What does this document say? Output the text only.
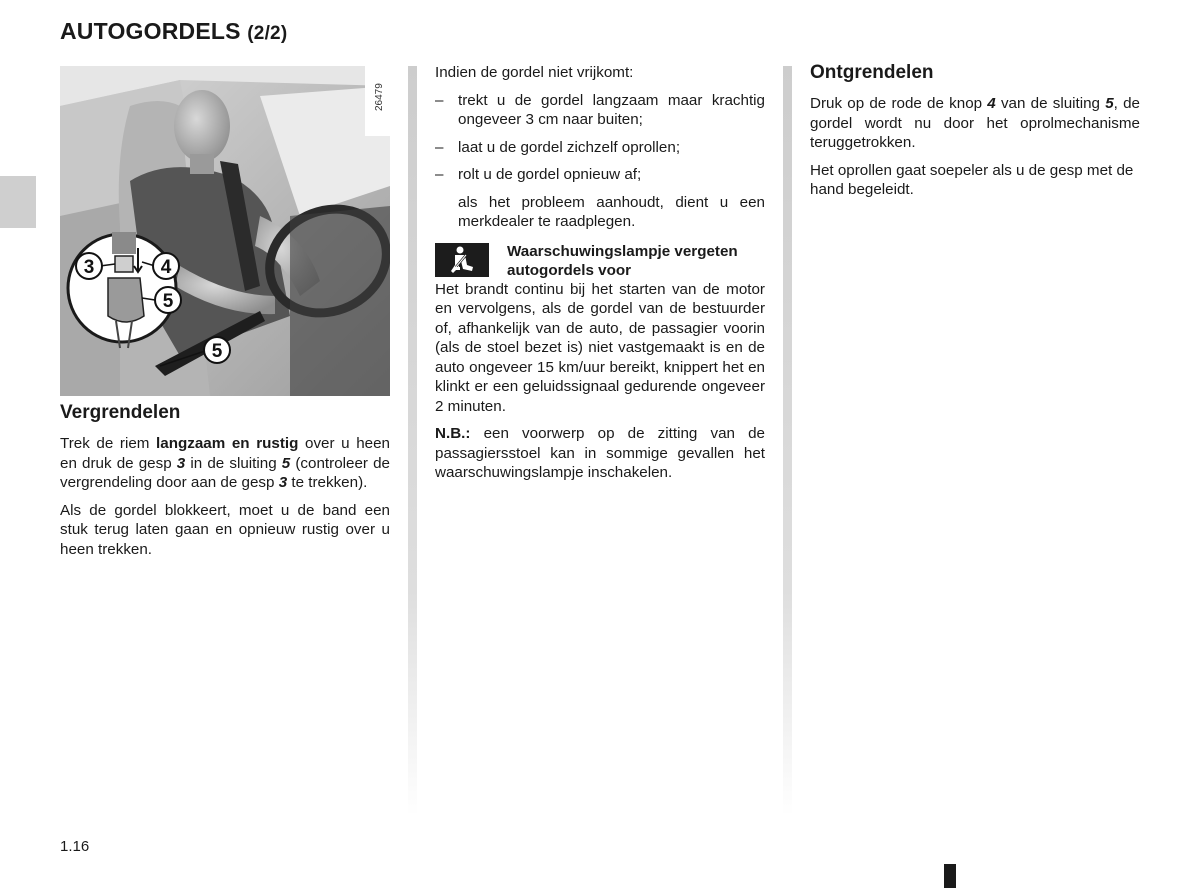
AUTOGORDELS (2/2)
26479
3	4
5
5
Vergrendelen

Trek de riem langzaam en rustig over u heen en druk de gesp 3 in de sluiting 5 (controleer de vergrendeling door aan de gesp 3 te trekken).

Als de gordel blokkeert, moet u de band een stuk terug laten gaan en opnieuw rustig over u heen trekken.

Indien de gordel niet vrijkomt:

– trekt u de gordel langzaam maar krachtig ongeveer 3 cm naar buiten;
– laat u de gordel zichzelf oprollen;
– rolt u de gordel opnieuw af;

als het probleem aanhoudt, dient u een merkdealer te raadplegen.

Waarschuwingslampje vergeten autogordels voor

Het brandt continu bij het starten van de motor en vervolgens, als de gordel van de bestuurder of, afhankelijk van de auto, de passagier voorin (als de stoel bezet is) niet vastgemaakt is en de auto ongeveer 15 km/uur bereikt, knippert het en klinkt er een geluidssignaal gedurende ongeveer 2 minuten.

N.B.: een voorwerp op de zitting van de passagiersstoel kan in sommige gevallen het waarschuwingslampje inschakelen.

Ontgrendelen

Druk op de rode de knop 4 van de sluiting 5, de gordel wordt nu door het oprolmechanisme teruggetrokken.

Het oprollen gaat soepeler als u de gesp met de hand begeleidt.

1.16
